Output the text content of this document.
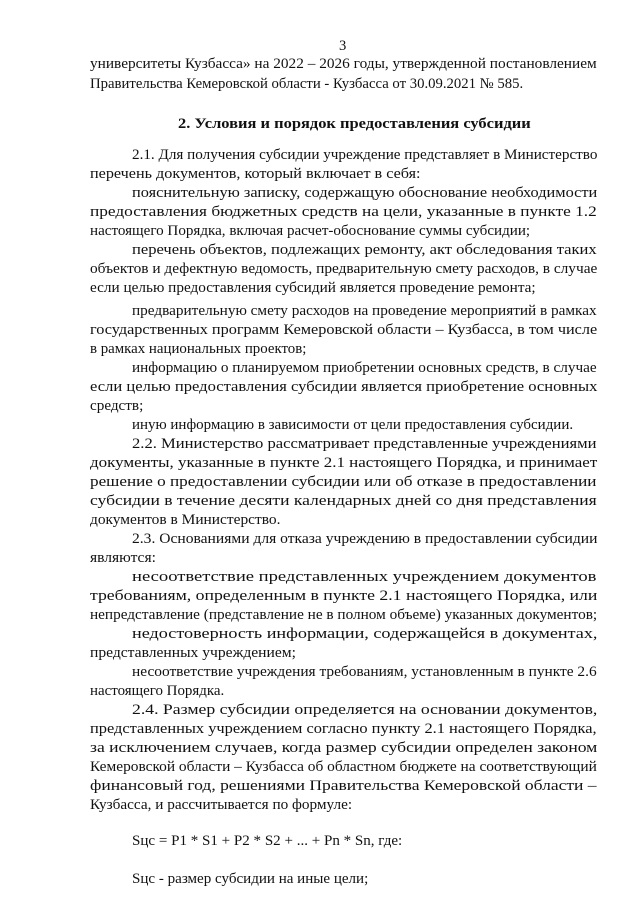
3
университеты Кузбасса» на 2022 – 2026 годы, утвержденной постановлением
Правительства Кемеровской области - Кузбасса от 30.09.2021 № 585.
2. Условия и порядок предоставления субсидии
2.1. Для получения субсидии учреждение представляет в Министерство
перечень документов, который включает в себя:
пояснительную записку, содержащую обоснование необходимости
предоставления бюджетных средств на цели, указанные в пункте 1.2
настоящего Порядка, включая расчет-обоснование суммы субсидии;
перечень объектов, подлежащих ремонту, акт обследования таких
объектов и дефектную ведомость, предварительную смету расходов, в случае
если целью предоставления субсидий является проведение ремонта;
предварительную смету расходов на проведение мероприятий в рамках
государственных программ Кемеровской области – Кузбасса, в том числе
в рамках национальных проектов;
информацию о планируемом приобретении основных средств, в случае
если целью предоставления субсидии является приобретение основных
средств;
иную информацию в зависимости от цели предоставления субсидии.
2.2. Министерство рассматривает представленные учреждениями
документы, указанные в пункте 2.1 настоящего Порядка, и принимает
решение о предоставлении субсидии или об отказе в предоставлении
субсидии в течение десяти календарных дней со дня представления
документов в Министерство.
2.3. Основаниями для отказа учреждению в предоставлении субсидии
являются:
несоответствие представленных учреждением документов
требованиям, определенным в пункте 2.1 настоящего Порядка, или
непредставление (представление не в полном объеме) указанных документов;
недостоверность информации, содержащейся в документах,
представленных учреждением;
несоответствие учреждения требованиям, установленным в пункте 2.6
настоящего Порядка.
2.4. Размер субсидии определяется на основании документов,
представленных учреждением согласно пункту 2.1 настоящего Порядка,
за исключением случаев, когда размер субсидии определен законом
Кемеровской области – Кузбасса об областном бюджете на соответствующий
финансовый год, решениями Правительства Кемеровской области –
Кузбасса, и рассчитывается по формуле:
Sцс = P1 * S1 + P2 * S2 + ... + Pn * Sn, где:
Sцс - размер субсидии на иные цели;
